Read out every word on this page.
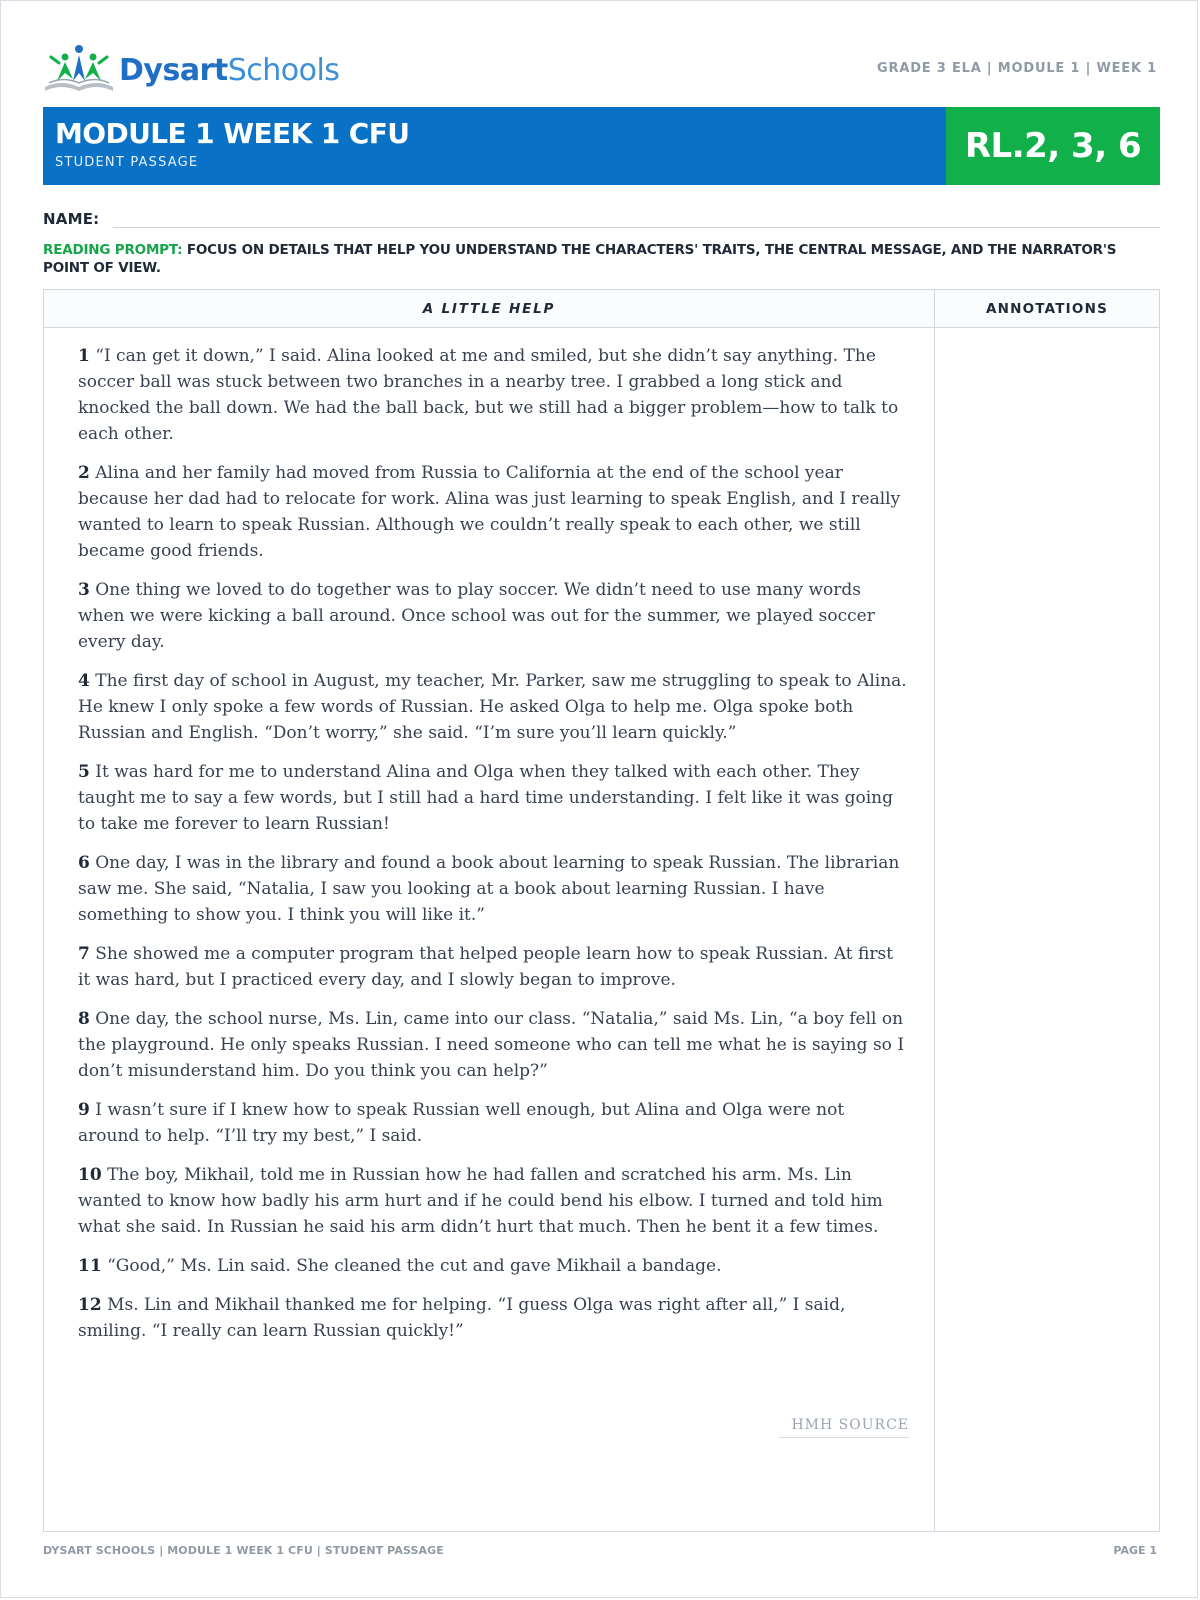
DysartSchools	GRADE 3 ELA | MODULE 1 | WEEK 1
MODULE 1 WEEK 1 CFU
STUDENT PASSAGE	RL.2, 3, 6
NAME:
READING PROMPT: FOCUS ON DETAILS THAT HELP YOU UNDERSTAND THE CHARACTERS' TRAITS, THE CENTRAL MESSAGE, AND THE NARRATOR'S POINT OF VIEW.
A LITTLE HELP	ANNOTATIONS

1 “I can get it down,” I said. Alina looked at me and smiled, but she didn’t say anything. The soccer ball was stuck between two branches in a nearby tree. I grabbed a long stick and knocked the ball down. We had the ball back, but we still had a bigger problem—how to talk to each other.

2 Alina and her family had moved from Russia to California at the end of the school year because her dad had to relocate for work. Alina was just learning to speak English, and I really wanted to learn to speak Russian. Although we couldn’t really speak to each other, we still became good friends.

3 One thing we loved to do together was to play soccer. We didn’t need to use many words when we were kicking a ball around. Once school was out for the summer, we played soccer every day.

4 The first day of school in August, my teacher, Mr. Parker, saw me struggling to speak to Alina. He knew I only spoke a few words of Russian. He asked Olga to help me. Olga spoke both Russian and English. “Don’t worry,” she said. “I’m sure you’ll learn quickly.”

5 It was hard for me to understand Alina and Olga when they talked with each other. They taught me to say a few words, but I still had a hard time understanding. I felt like it was going to take me forever to learn Russian!

6 One day, I was in the library and found a book about learning to speak Russian. The librarian saw me. She said, “Natalia, I saw you looking at a book about learning Russian. I have something to show you. I think you will like it.”

7 She showed me a computer program that helped people learn how to speak Russian. At first it was hard, but I practiced every day, and I slowly began to improve.

8 One day, the school nurse, Ms. Lin, came into our class. “Natalia,” said Ms. Lin, “a boy fell on the playground. He only speaks Russian. I need someone who can tell me what he is saying so I don’t misunderstand him. Do you think you can help?”

9 I wasn’t sure if I knew how to speak Russian well enough, but Alina and Olga were not around to help. “I’ll try my best,” I said.

10 The boy, Mikhail, told me in Russian how he had fallen and scratched his arm. Ms. Lin wanted to know how badly his arm hurt and if he could bend his elbow. I turned and told him what she said. In Russian he said his arm didn’t hurt that much. Then he bent it a few times.

11 “Good,” Ms. Lin said. She cleaned the cut and gave Mikhail a bandage.

12 Ms. Lin and Mikhail thanked me for helping. “I guess Olga was right after all,” I said, smiling. “I really can learn Russian quickly!”

HMH SOURCE
DYSART SCHOOLS | MODULE 1 WEEK 1 CFU | STUDENT PASSAGE	PAGE 1
